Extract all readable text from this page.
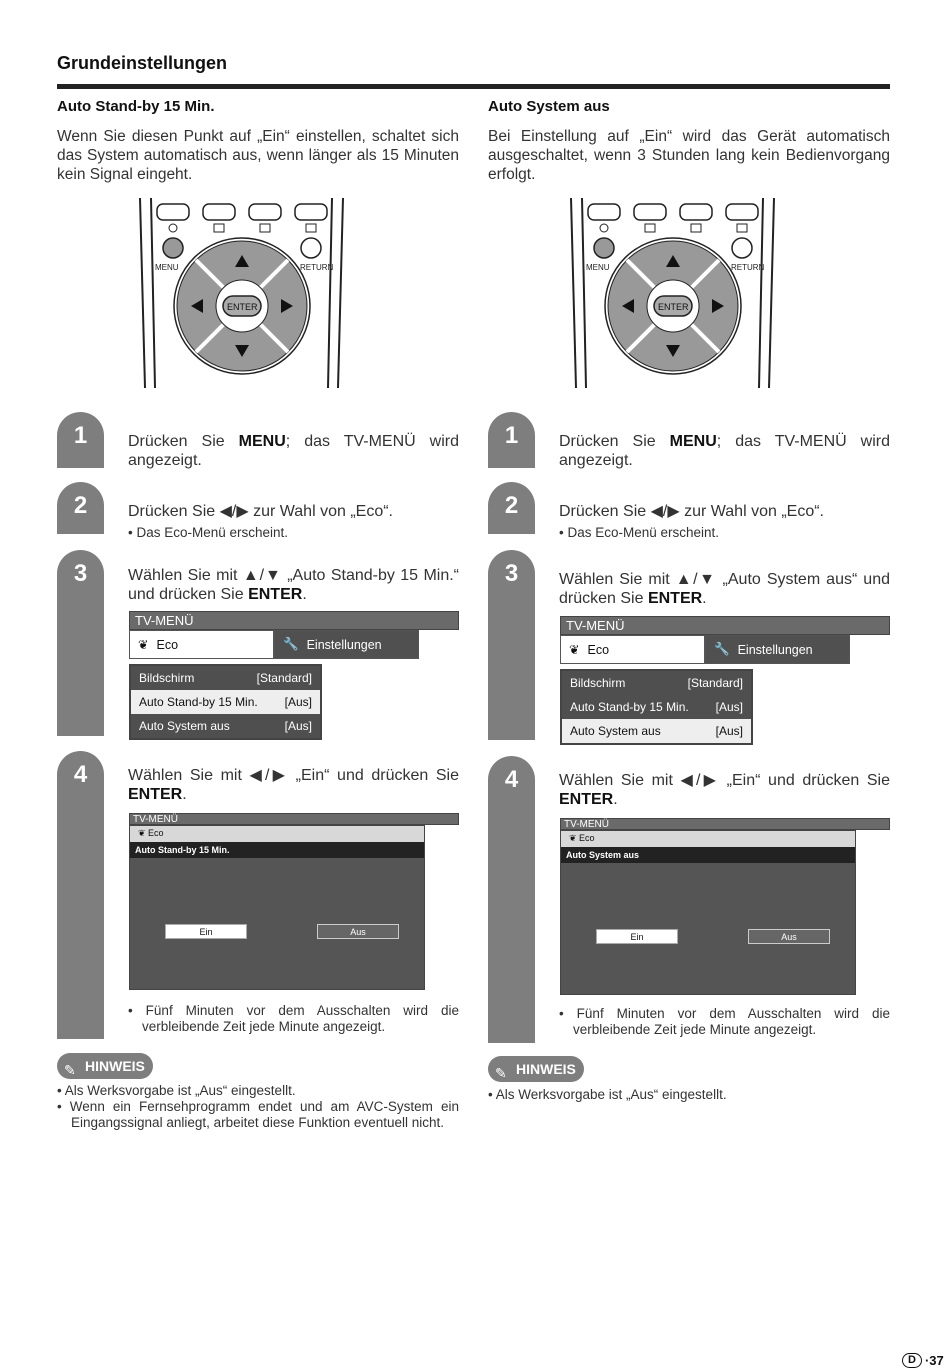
Grundeinstellungen
Auto Stand-by 15 Min.
Wenn Sie diesen Punkt auf „Ein“ einstellen, schaltet sich das System automatisch aus, wenn länger als 15 Minuten kein Signal eingeht.
MENU	RETURN
ENTER
1	Drücken Sie MENU; das TV-MENÜ wird angezeigt.
2	Drücken Sie ◀/▶ zur Wahl von „Eco“.
• Das Eco-Menü erscheint.
3	Wählen Sie mit ▲/▼ „Auto Stand-by 15 Min.“ und drücken Sie ENTER.
TV-MENÜ
❦ Eco	🔧 Einstellungen
Bildschirm	[Standard]
Auto Stand-by 15 Min. [Aus]
Auto System aus	[Aus]
4	Wählen Sie mit ◀/▶ „Ein“ und drücken Sie ENTER.
TV-MENÜ
❦ Eco
Auto Stand-by 15 Min.
Ein	Aus
• Fünf Minuten vor dem Ausschalten wird die verbleibende Zeit jede Minute angezeigt.
✎ HINWEIS
• Als Werksvorgabe ist „Aus“ eingestellt.
• Wenn ein Fernsehprogramm endet und am AVC-System ein Eingangssignal anliegt, arbeitet diese Funktion eventuell nicht.
Auto System aus
Bei Einstellung auf „Ein“ wird das Gerät automatisch ausgeschaltet, wenn 3 Stunden lang kein Bedienvorgang erfolgt.
MENU	RETURN
ENTER
1	Drücken Sie MENU; das TV-MENÜ wird angezeigt.
2	Drücken Sie ◀/▶ zur Wahl von „Eco“.
• Das Eco-Menü erscheint.
3	Wählen Sie mit ▲/▼ „Auto System aus“ und drücken Sie ENTER.
TV-MENÜ
❦ Eco	🔧 Einstellungen
Bildschirm	[Standard]
Auto Stand-by 15 Min. [Aus]
Auto System aus	[Aus]
4	Wählen Sie mit ◀/▶ „Ein“ und drücken Sie ENTER.
TV-MENÜ
❦ Eco
Auto System aus
Ein	Aus
• Fünf Minuten vor dem Ausschalten wird die verbleibende Zeit jede Minute angezeigt.
✎ HINWEIS
• Als Werksvorgabe ist „Aus“ eingestellt.
D ·37
